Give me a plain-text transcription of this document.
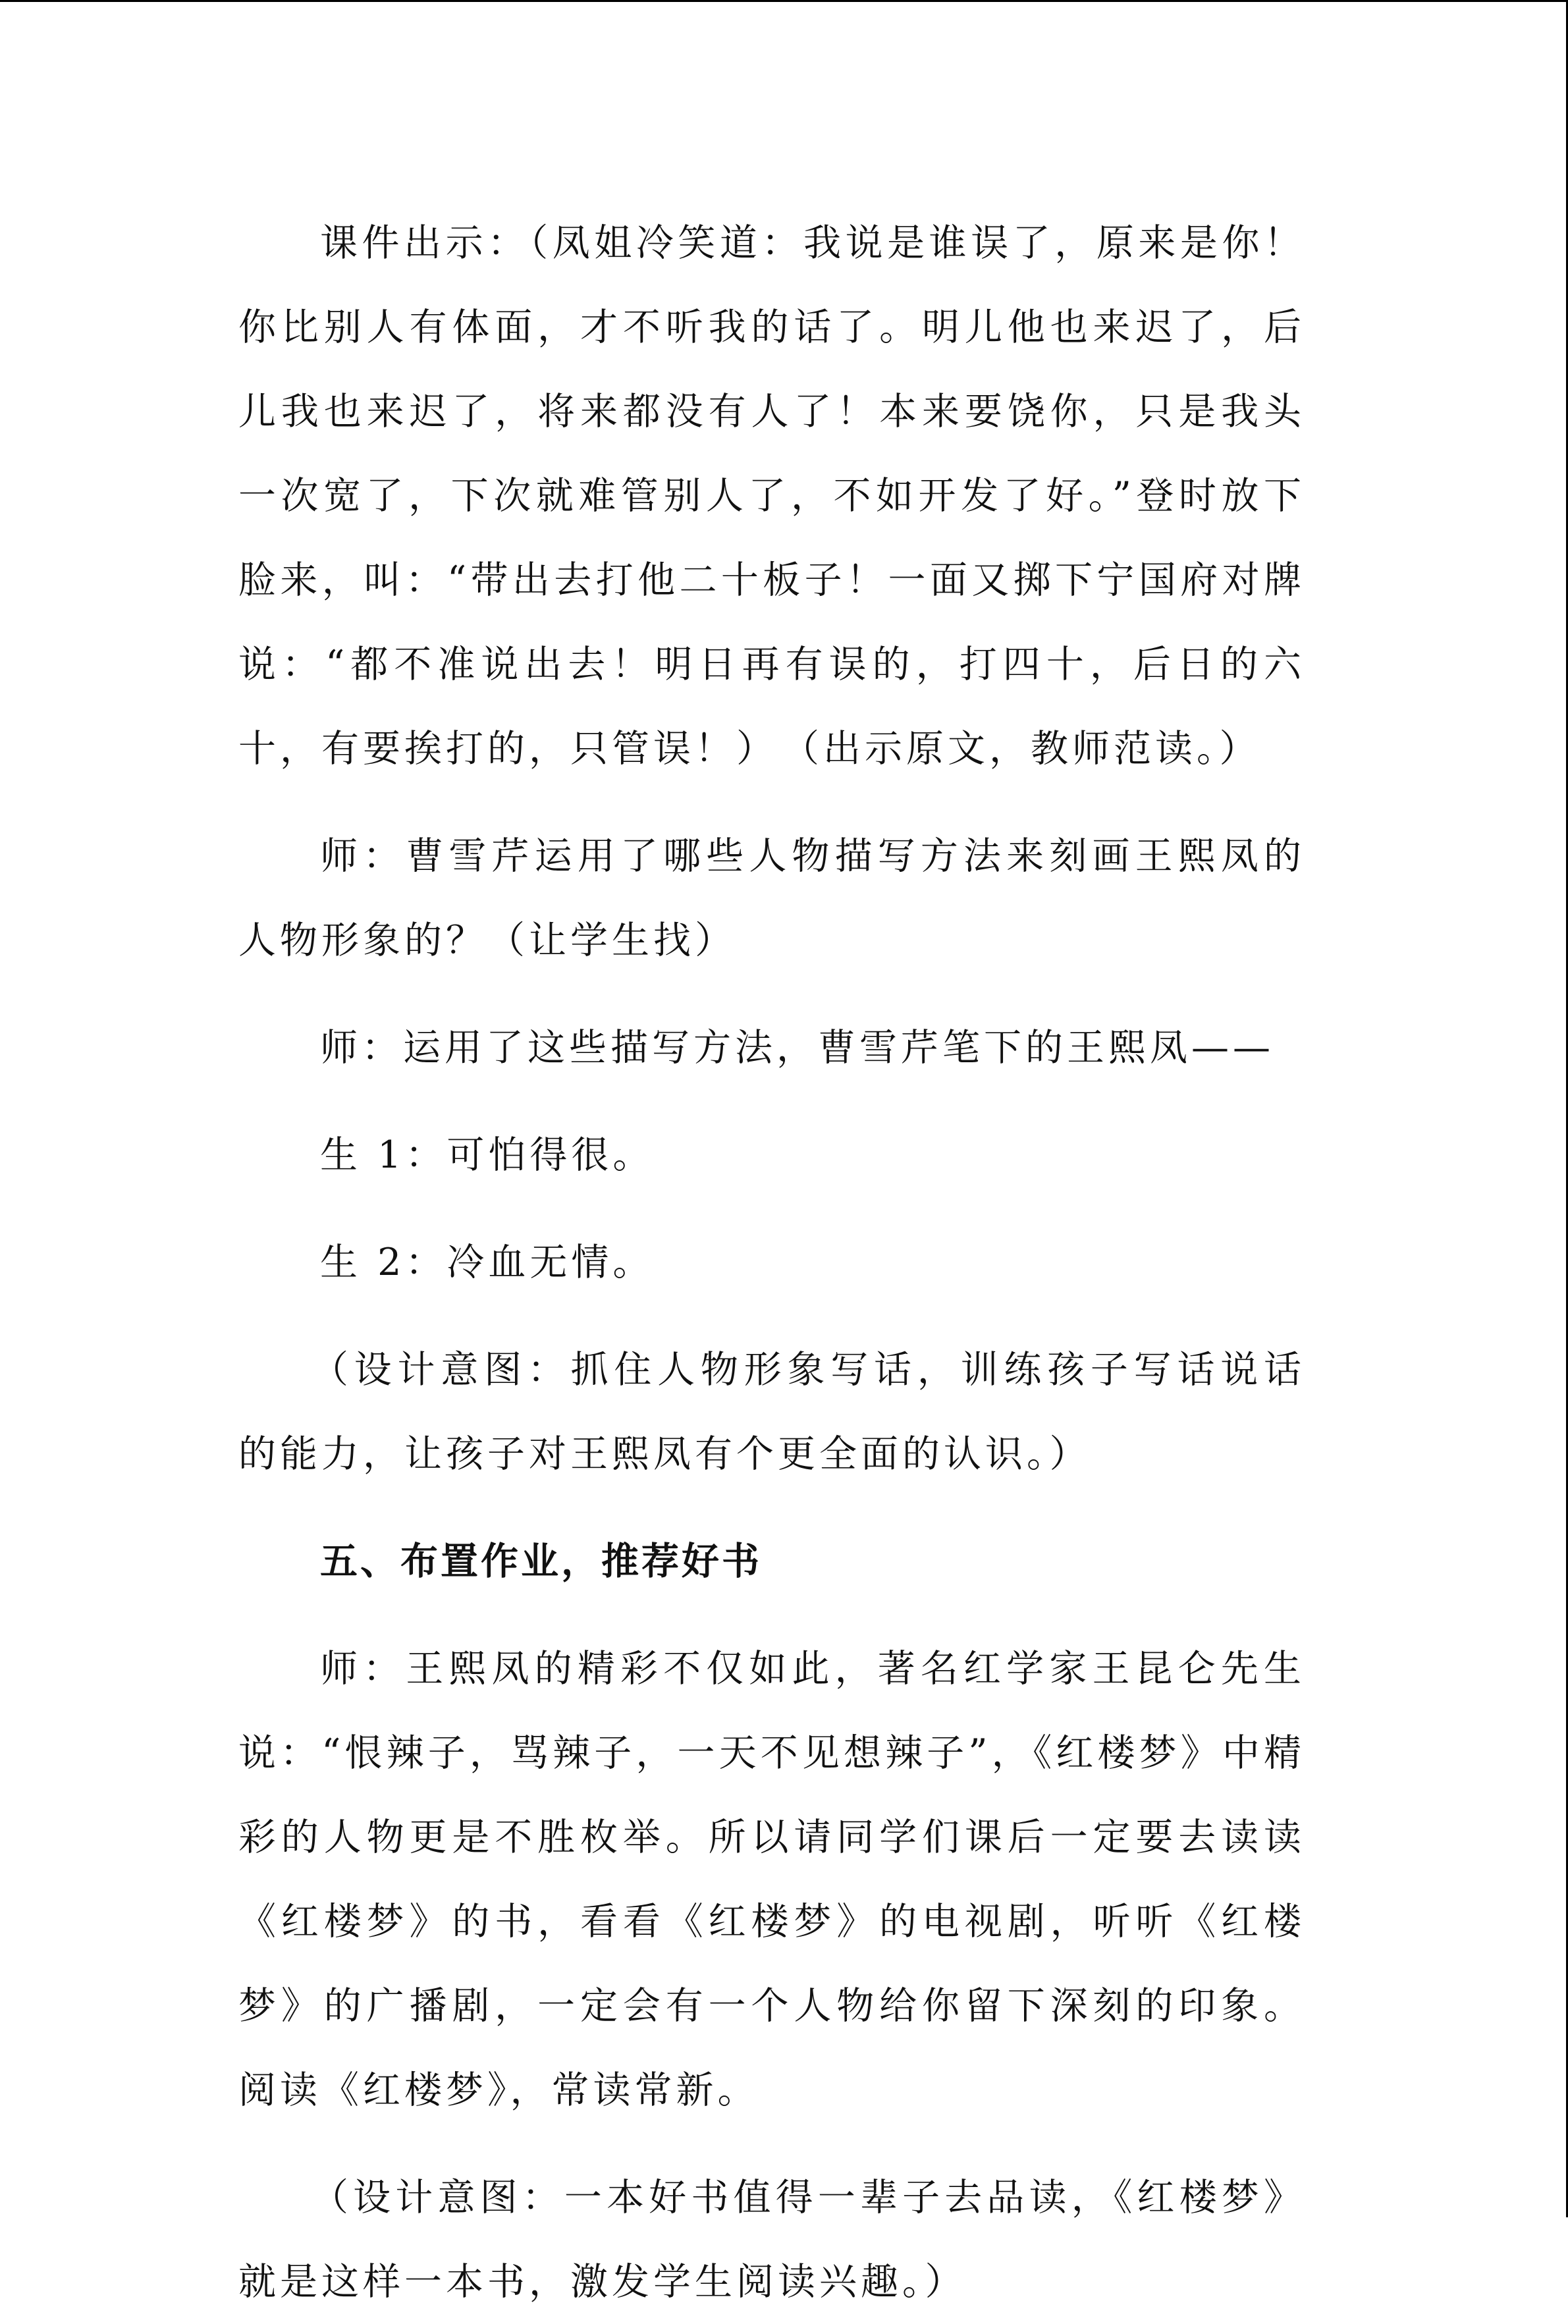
课件出示：（凤姐冷笑道：我说是谁误了，原来是你！你比别人有体面，才不听我的话了。明儿他也来迟了，后儿我也来迟了，将来都没有人了！本来要饶你，只是我头一次宽了，下次就难管别人了，不如开发了好。”登时放下脸来，叫：“带出去打他二十板子！一面又掷下宁国府对牌说：“都不准说出去！明日再有误的，打四十，后日的六十，有要挨打的，只管误！）　（出示原文，教师范读。）

师：曹雪芹运用了哪些人物描写方法来刻画王熙凤的人物形象的？（让学生找）

师：运用了这些描写方法，曹雪芹笔下的王熙凤——

生 1：可怕得很。

生 2：冷血无情。

（设计意图：抓住人物形象写话，训练孩子写话说话的能力，让孩子对王熙凤有个更全面的认识。）

五、布置作业，推荐好书

师：王熙凤的精彩不仅如此，著名红学家王昆仑先生说：“恨辣子，骂辣子，一天不见想辣子”，《红楼梦》中精彩的人物更是不胜枚举。所以请同学们课后一定要去读读《红楼梦》的书，看看《红楼梦》的电视剧，听听《红楼梦》的广播剧，一定会有一个人物给你留下深刻的印象。阅读《红楼梦》，常读常新。

（设计意图：一本好书值得一辈子去品读，《红楼梦》就是这样一本书，激发学生阅读兴趣。）
